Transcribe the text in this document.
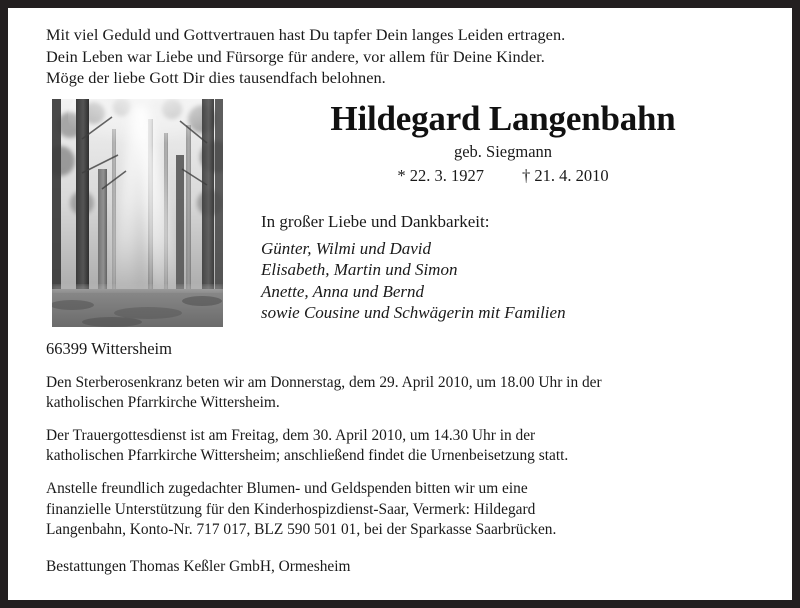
Mit viel Geduld und Gottvertrauen hast Du tapfer Dein langes Leiden ertragen.
Dein Leben war Liebe und Fürsorge für andere, vor allem für Deine Kinder.
Möge der liebe Gott Dir dies tausendfach belohnen.
Hildegard Langenbahn
geb. Siegmann
* 22. 3. 1927 † 21. 4. 2010
In großer Liebe und Dankbarkeit:
Günter, Wilmi und David
Elisabeth, Martin und Simon
Anette, Anna und Bernd
sowie Cousine und Schwägerin mit Familien
66399 Wittersheim
Den Sterberosenkranz beten wir am Donnerstag, dem 29. April 2010, um 18.00 Uhr in der
katholischen Pfarrkirche Wittersheim.
Der Trauergottesdienst ist am Freitag, dem 30. April 2010, um 14.30 Uhr in der
katholischen Pfarrkirche Wittersheim; anschließend findet die Urnenbeisetzung statt.
Anstelle freundlich zugedachter Blumen- und Geldspenden bitten wir um eine
finanzielle Unterstützung für den Kinderhospizdienst-Saar, Vermerk: Hildegard
Langenbahn, Konto-Nr. 717 017, BLZ 590 501 01, bei der Sparkasse Saarbrücken.
Bestattungen Thomas Keßler GmbH, Ormesheim
